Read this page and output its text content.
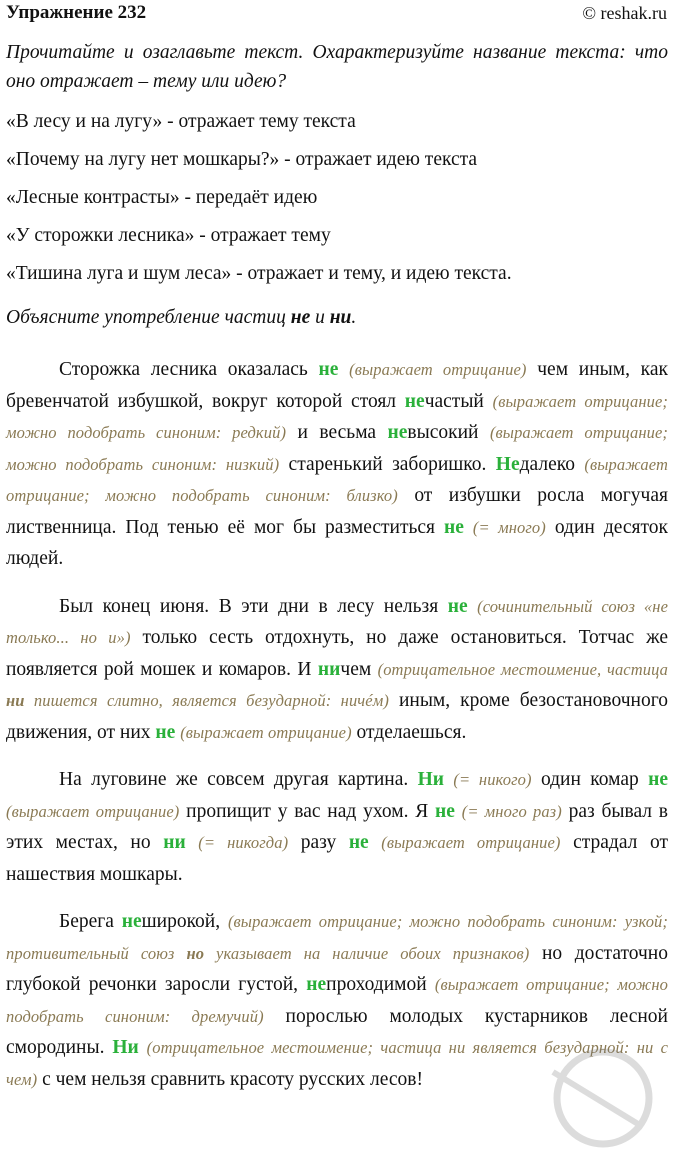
Упражнение 232	© reshak.ru

Прочитайте и озаглавьте текст. Охарактеризуйте название текста: что оно отражает – тему или идею?

«В лесу и на лугу» - отражает тему текста

«Почему на лугу нет мошкары?» - отражает идею текста

«Лесные контрасты» - передаёт идею

«У сторожки лесника» - отражает тему

«Тишина луга и шум леса» - отражает и тему, и идею текста.

Объясните употребление частиц не и ни.

Сторожка лесника оказалась не (выражает отрицание) чем иным, как бревенчатой избушкой, вокруг которой стоял нечастый (выражает отрицание; можно подобрать синоним: редкий) и весьма невысокий (выражает отрицание; можно подобрать синоним: низкий) старенький заборишко. Недалеко (выражает отрицание; можно подобрать синоним: близко) от избушки росла могучая лиственница. Под тенью её мог бы разместиться не (= много) один десяток людей.

Был конец июня. В эти дни в лесу нельзя не (сочинительный союз «не только... но и») только сесть отдохнуть, но даже остановиться. Тотчас же появляется рой мошек и комаров. И ничем (отрицательное местоимение, частица ни пишется слитно, является безударной: ничéм) иным, кроме безостановочного движения, от них не (выражает отрицание) отделаешься.

На луговине же совсем другая картина. Ни (= никого) один комар не (выражает отрицание) пропищит у вас над ухом. Я не (= много раз) раз бывал в этих местах, но ни (= никогда) разу не (выражает отрицание) страдал от нашествия мошкары.

Берега неширокой, (выражает отрицание; можно подобрать синоним: узкой; противительный союз но указывает на наличие обоих признаков) но достаточно глубокой речонки заросли густой, непроходимой (выражает отрицание; можно подобрать синоним: дремучий) порослью молодых кустарников лесной смородины. Ни (отрицательное местоимение; частица ни является безударной: ни с чем) с чем нельзя сравнить красоту русских лесов!
